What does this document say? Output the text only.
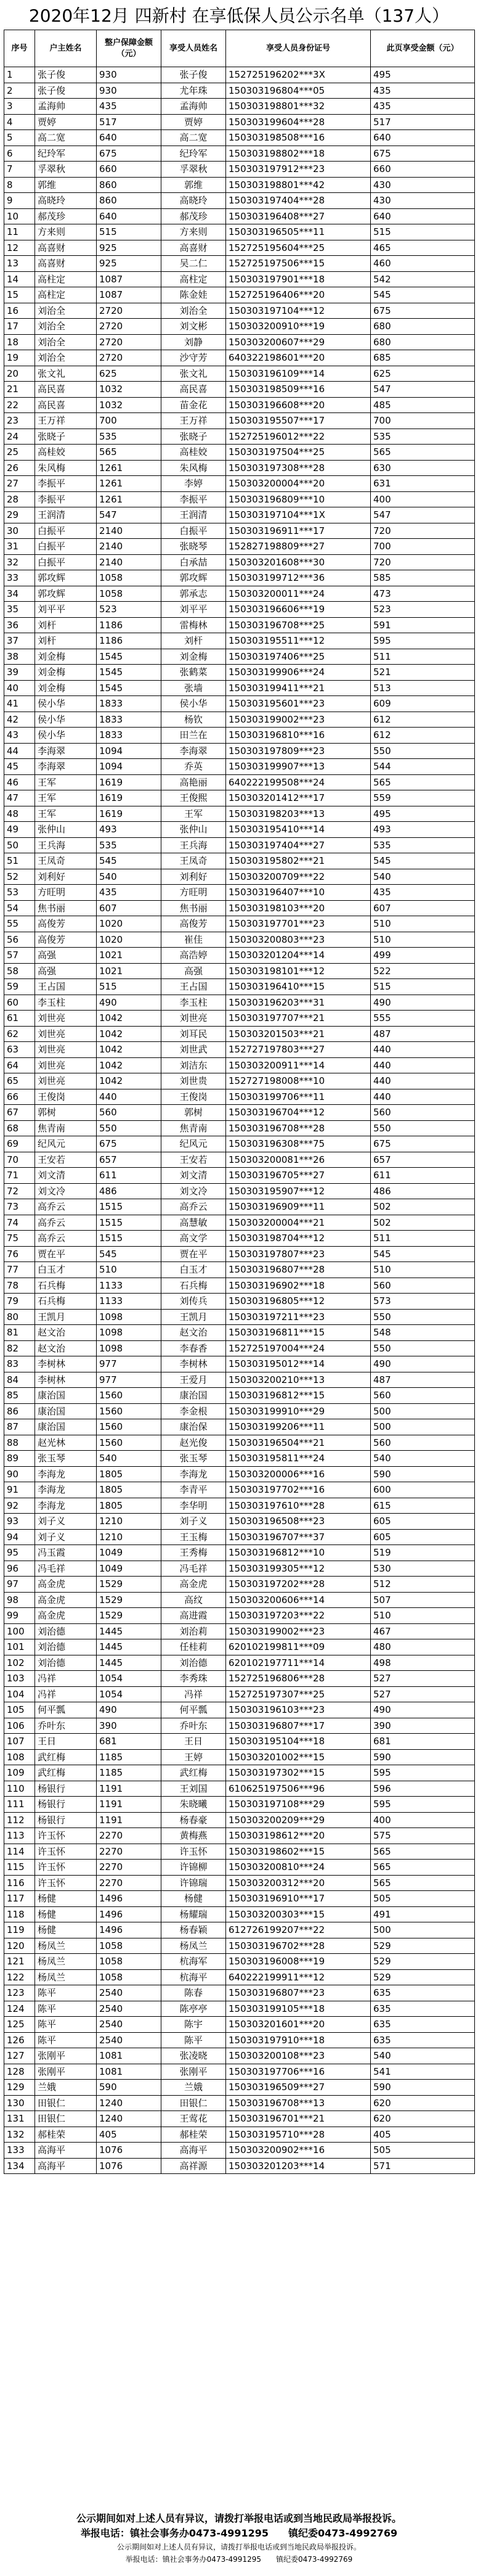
2020年12月 四新村 在享低保人员公示名单（137人）
序号	户主姓名	整户保障金额（元）	享受人员姓名	享受人员身份证号	此页享受金额（元）
1	张子俊	930	张子俊	152725196202***3X	495
2	张子俊	930	尤年珠	150303196804***05	435
3	孟海帅	435	孟海帅	150303198801***32	435
4	贾婷	517	贾婷	150303199604***28	517
5	高二宽	640	高二宽	150303198508***16	640
6	纪玲军	675	纪玲军	150303198802***18	675
7	孚翠秋	660	孚翠秋	150303197912***23	660
8	郭维	860	郭维	150303198801***42	430
9	高晓玲	860	高晓玲	150303197404***28	430
10	郝茂珍	640	郝茂珍	150303196408***27	640
11	方来则	515	方来则	150303196505***11	515
12	高喜财	925	高喜财	152725195604***25	465
13	高喜财	925	吴二仁	152725197506***15	460
14	高柱定	1087	高柱定	150303197901***18	542
15	高柱定	1087	陈金娃	152725196406***20	545
16	刘治全	2720	刘治全	150303197104***12	675
17	刘治全	2720	刘文彬	150303200910***19	680
18	刘治全	2720	刘静	150303200607***29	680
19	刘治全	2720	沙守芳	640322198601***20	685
20	张文礼	625	张文礼	150303196109***14	625
21	高民喜	1032	高民喜	150303198509***16	547
22	高民喜	1032	苗金花	150303196608***20	485
23	王万祥	700	王万祥	150303195507***17	700
24	张晓子	535	张晓子	152725196012***22	535
25	高桂姣	565	高桂姣	150303197504***25	565
26	朱风梅	1261	朱风梅	150303197308***28	630
27	李振平	1261	李婷	150303200004***20	631
28	李振平	1261	李振平	150303196809***10	400
29	王润清	547	王润清	150303197104***1X	547
30	白振平	2140	白振平	150303196911***17	720
31	白振平	2140	张晓琴	152827198809***27	700
32	白振平	2140	白承喆	150303201608***30	720
33	郭攻辉	1058	郭攻辉	150303199712***36	585
34	郭攻辉	1058	郭承志	150303200011***24	473
35	刘平平	523	刘平平	150303196606***19	523
36	刘杆	1186	雷梅林	150303196708***25	591
37	刘杆	1186	刘杆	150303195511***12	595
38	刘金梅	1545	刘金梅	150303197406***25	511
39	刘金梅	1545	张鹤菜	150303199906***24	521
40	刘金梅	1545	张墙	150303199411***21	513
41	侯小华	1833	侯小华	150303195601***23	609
42	侯小华	1833	杨钦	150303199002***23	612
43	侯小华	1833	田兰在	150303196810***16	612
44	李海翠	1094	李海翠	150303197809***23	550
45	李海翠	1094	乔英	150303199907***13	544
46	王军	1619	高艳丽	640222199508***24	565
47	王军	1619	王俊熙	150303201412***17	559
48	王军	1619	王军	150303198203***13	495
49	张仲山	493	张仲山	150303195410***14	493
50	王兵海	535	王兵海	150303197404***27	535
51	王凤奇	545	王凤奇	150303195802***21	545
52	刘利好	540	刘利好	150303200709***22	540
53	方旺明	435	方旺明	150303196407***10	435
54	焦书丽	607	焦书丽	150303198103***20	607
55	高俊芳	1020	高俊芳	150303197701***23	510
56	高俊芳	1020	崔佳	150303200803***23	510
57	高强	1021	高浩婷	150303201204***14	499
58	高强	1021	高强	150303198101***12	522
59	王占国	515	王占国	150303196410***15	515
60	李玉柱	490	李玉柱	150303196203***31	490
61	刘世亮	1042	刘世亮	150303197707***21	555
62	刘世亮	1042	刘耳民	150303201503***21	487
63	刘世亮	1042	刘世武	152727197803***27	440
64	刘世亮	1042	刘洁东	150303200911***14	440
65	刘世亮	1042	刘世贵	152727198008***10	440
66	王俊岗	440	王俊岗	150303199706***11	440
67	郭树	560	郭树	150303196704***12	560
68	焦青南	550	焦青南	150303196708***28	550
69	纪风元	675	纪风元	150303196308***75	675
70	王安若	657	王安若	150303200081***26	657
71	刘文清	611	刘文清	150303196705***27	611
72	刘文冷	486	刘文冷	150303195907***12	486
73	高乔云	1515	高乔云	150303196909***11	502
74	高乔云	1515	高慧敏	150303200004***21	502
75	高乔云	1515	高文学	150303198704***12	511
76	贾在平	545	贾在平	150303197807***23	545
77	白玉才	510	白玉才	150303196807***28	510
78	石兵梅	1133	石兵梅	150303196902***18	560
79	石兵梅	1133	刘传兵	150303196805***12	573
80	王凯月	1098	王凯月	150303197211***23	550
81	赵文治	1098	赵文治	150303196811***15	548
82	赵文治	1098	李春香	152725197004***24	550
83	李树林	977	李树林	150303195012***14	490
84	李树林	977	王爱月	150303200210***13	487
85	康治国	1560	康治国	150303196812***15	560
86	康治国	1560	李金根	150303199910***29	500
87	康治国	1560	康治保	150303199206***11	500
88	赵光林	1560	赵光俊	150303196504***21	560
89	张玉琴	540	张玉琴	150303195811***24	540
90	李海龙	1805	李海龙	150303200006***16	590
91	李海龙	1805	李青平	150303197702***16	600
92	李海龙	1805	李华明	150303197610***28	615
93	刘子义	1210	刘子义	150303196508***23	605
94	刘子义	1210	王玉梅	150303196707***37	605
95	冯玉霞	1049	王秀梅	150303196812***10	519
96	冯毛祥	1049	冯毛祥	150303199305***12	530
97	高金虎	1529	高金虎	150303197202***28	512
98	高金虎	1529	高纹	150303200606***14	507
99	高金虎	1529	高进霞	150303197203***22	510
100	刘治德	1445	刘治莉	150303199002***23	467
101	刘治德	1445	任桂莉	620102199811***09	480
102	刘治德	1445	刘治德	620102197711***14	498
103	冯祥	1054	李秀珠	152725196806***28	527
104	冯祥	1054	冯祥	152725197307***25	527
105	何平瓢	490	何平瓢	150303196103***23	490
106	乔叶东	390	乔叶东	150303196807***17	390
107	王日	681	王日	150303195104***18	681
108	武红梅	1185	王婷	150303201002***15	590
109	武红梅	1185	武红梅	150303197302***15	595
110	杨银行	1191	王刘国	610625197506***96	596
111	杨银行	1191	朱晓曦	150303197108***29	595
112	杨银行	1191	杨春豪	150303200209***29	400
113	许玉怀	2270	黄梅燕	150303198612***20	575
114	许玉怀	2270	许玉怀	150303198602***15	565
115	许玉怀	2270	许锦柳	150303200810***24	565
116	许玉怀	2270	许锦瑞	150303200312***20	565
117	杨健	1496	杨健	150303196910***17	505
118	杨健	1496	杨耀瑞	150303200303***15	491
119	杨健	1496	杨春颖	612726199207***22	500
120	杨凤兰	1058	杨凤兰	150303196702***28	529
121	杨凤兰	1058	杭海军	150303196008***19	529
122	杨凤兰	1058	杭海平	640222199911***12	529
123	陈平	2540	陈春	150303196807***23	635
124	陈平	2540	陈亭亭	150303199105***18	635
125	陈平	2540	陈宇	150303201601***20	635
126	陈平	2540	陈平	150303197910***18	635
127	张刚平	1081	张凌晓	150303200108***23	540
128	张刚平	1081	张刚平	150303197706***16	541
129	兰娥	590	兰娥	150303196509***27	590
130	田银仁	1240	田银仁	150303196708***13	620
131	田银仁	1240	王莺花	150303196701***21	620
132	郝桂荣	405	郝桂荣	150303195710***28	405
133	高海平	1076	高海平	150303200902***16	505
134	高海平	1076	高祥源	150303201203***14	571
公示期间如对上述人员有异议，请拨打举报电话或到当地民政局举报投诉。
举报电话：镇社会事务办0473-4991295　　镇纪委0473-4992769
公示期间如对上述人员有异议，请拨打举报电话或到当地民政局举报投诉。
举报电话：镇社会事务办0473-4991295　　镇纪委0473-4992769
